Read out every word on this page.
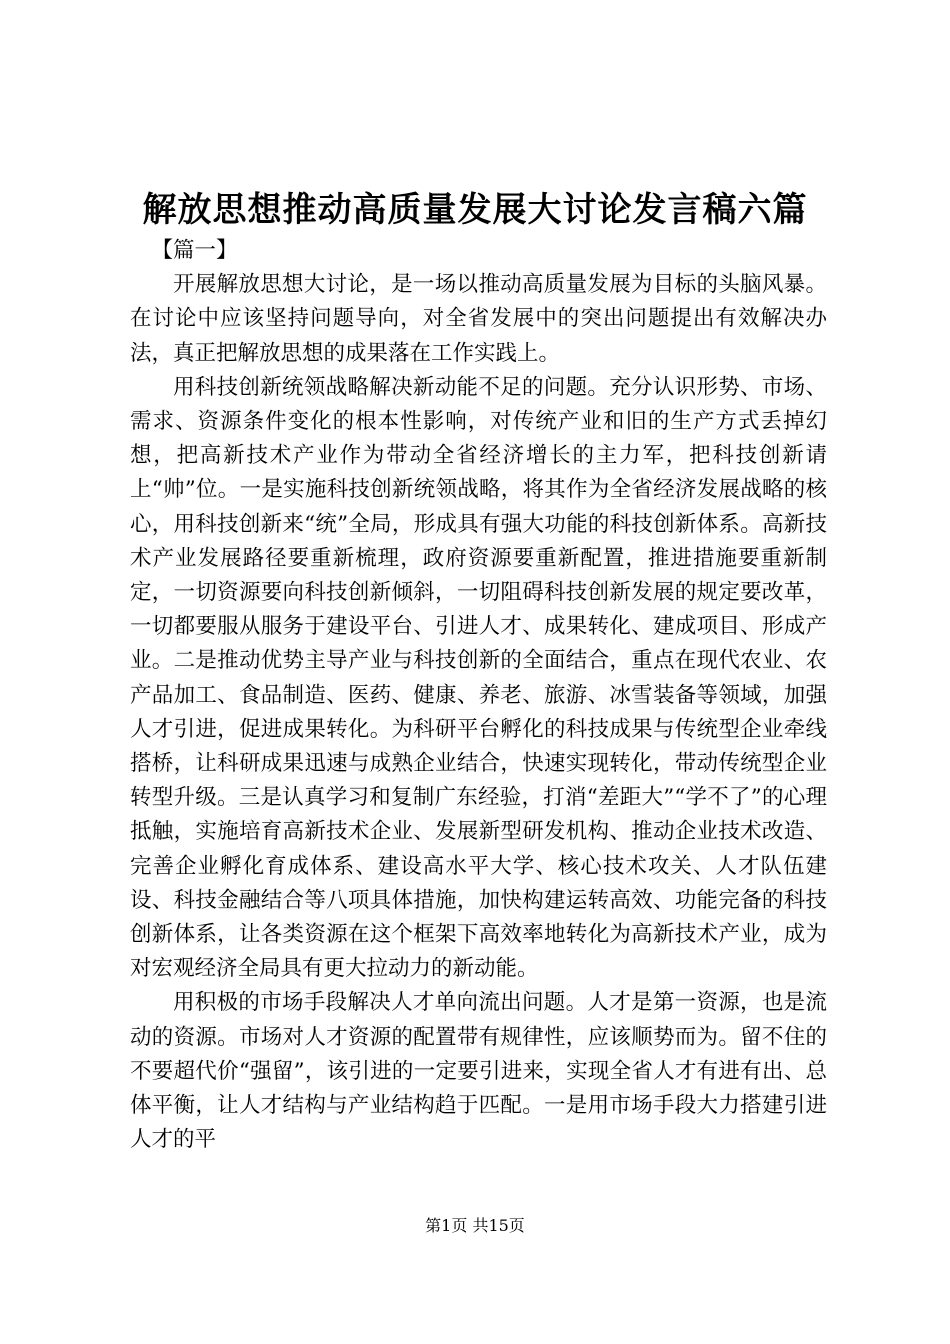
解放思想推动高质量发展大讨论发言稿六篇

【篇一】

开展解放思想大讨论，是一场以推动高质量发展为目标的头脑风暴。在讨论中应该坚持问题导向，对全省发展中的突出问题提出有效解决办法，真正把解放思想的成果落在工作实践上。

用科技创新统领战略解决新动能不足的问题。充分认识形势、市场、需求、资源条件变化的根本性影响，对传统产业和旧的生产方式丢掉幻想，把高新技术产业作为带动全省经济增长的主力军，把科技创新请上“帅”位。一是实施科技创新统领战略，将其作为全省经济发展战略的核心，用科技创新来“统”全局，形成具有强大功能的科技创新体系。高新技术产业发展路径要重新梳理，政府资源要重新配置，推进措施要重新制定，一切资源要向科技创新倾斜，一切阻碍科技创新发展的规定要改革，一切都要服从服务于建设平台、引进人才、成果转化、建成项目、形成产业。二是推动优势主导产业与科技创新的全面结合，重点在现代农业、农产品加工、食品制造、医药、健康、养老、旅游、冰雪装备等领域，加强人才引进，促进成果转化。为科研平台孵化的科技成果与传统型企业牵线搭桥，让科研成果迅速与成熟企业结合，快速实现转化，带动传统型企业转型升级。三是认真学习和复制广东经验，打消“差距大”“学不了”的心理抵触，实施培育高新技术企业、发展新型研发机构、推动企业技术改造、完善企业孵化育成体系、建设高水平大学、核心技术攻关、人才队伍建设、科技金融结合等八项具体措施，加快构建运转高效、功能完备的科技创新体系，让各类资源在这个框架下高效率地转化为高新技术产业，成为对宏观经济全局具有更大拉动力的新动能。

用积极的市场手段解决人才单向流出问题。人才是第一资源，也是流动的资源。市场对人才资源的配置带有规律性，应该顺势而为。留不住的不要超代价“强留”，该引进的一定要引进来，实现全省人才有进有出、总体平衡，让人才结构与产业结构趋于匹配。一是用市场手段大力搭建引进人才的平

第1页 共15页
